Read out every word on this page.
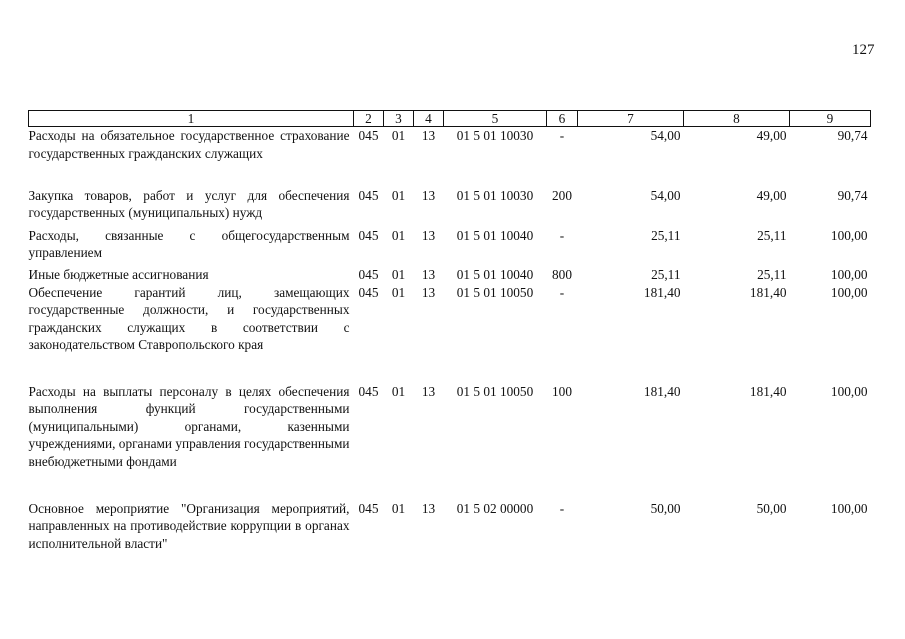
127
1	2	3	4	5	6	7	8	9
Расходы на обязательное государственное страхование государственных гражданских служащих	045	01	13	01 5 01 10030	-	54,00	49,00	90,74
Закупка товаров, работ и услуг для обеспечения государственных (муниципальных) нужд	045	01	13	01 5 01 10030	200	54,00	49,00	90,74
Расходы, связанные с общегосударственным управлением	045	01	13	01 5 01 10040	-	25,11	25,11	100,00
Иные бюджетные ассигнования	045	01	13	01 5 01 10040	800	25,11	25,11	100,00
Обеспечение гарантий лиц, замещающих государственные должности, и государственных гражданских служащих в соответствии с законодательством Ставропольского края	045	01	13	01 5 01 10050	-	181,40	181,40	100,00
Расходы на выплаты персоналу в целях обеспечения выполнения функций государственными (муниципальными) органами, казенными учреждениями, органами управления государственными внебюджетными фондами	045	01	13	01 5 01 10050	100	181,40	181,40	100,00
Основное мероприятие "Организация мероприятий, направленных на противодействие коррупции в органах исполнительной власти"	045	01	13	01 5 02 00000	-	50,00	50,00	100,00
